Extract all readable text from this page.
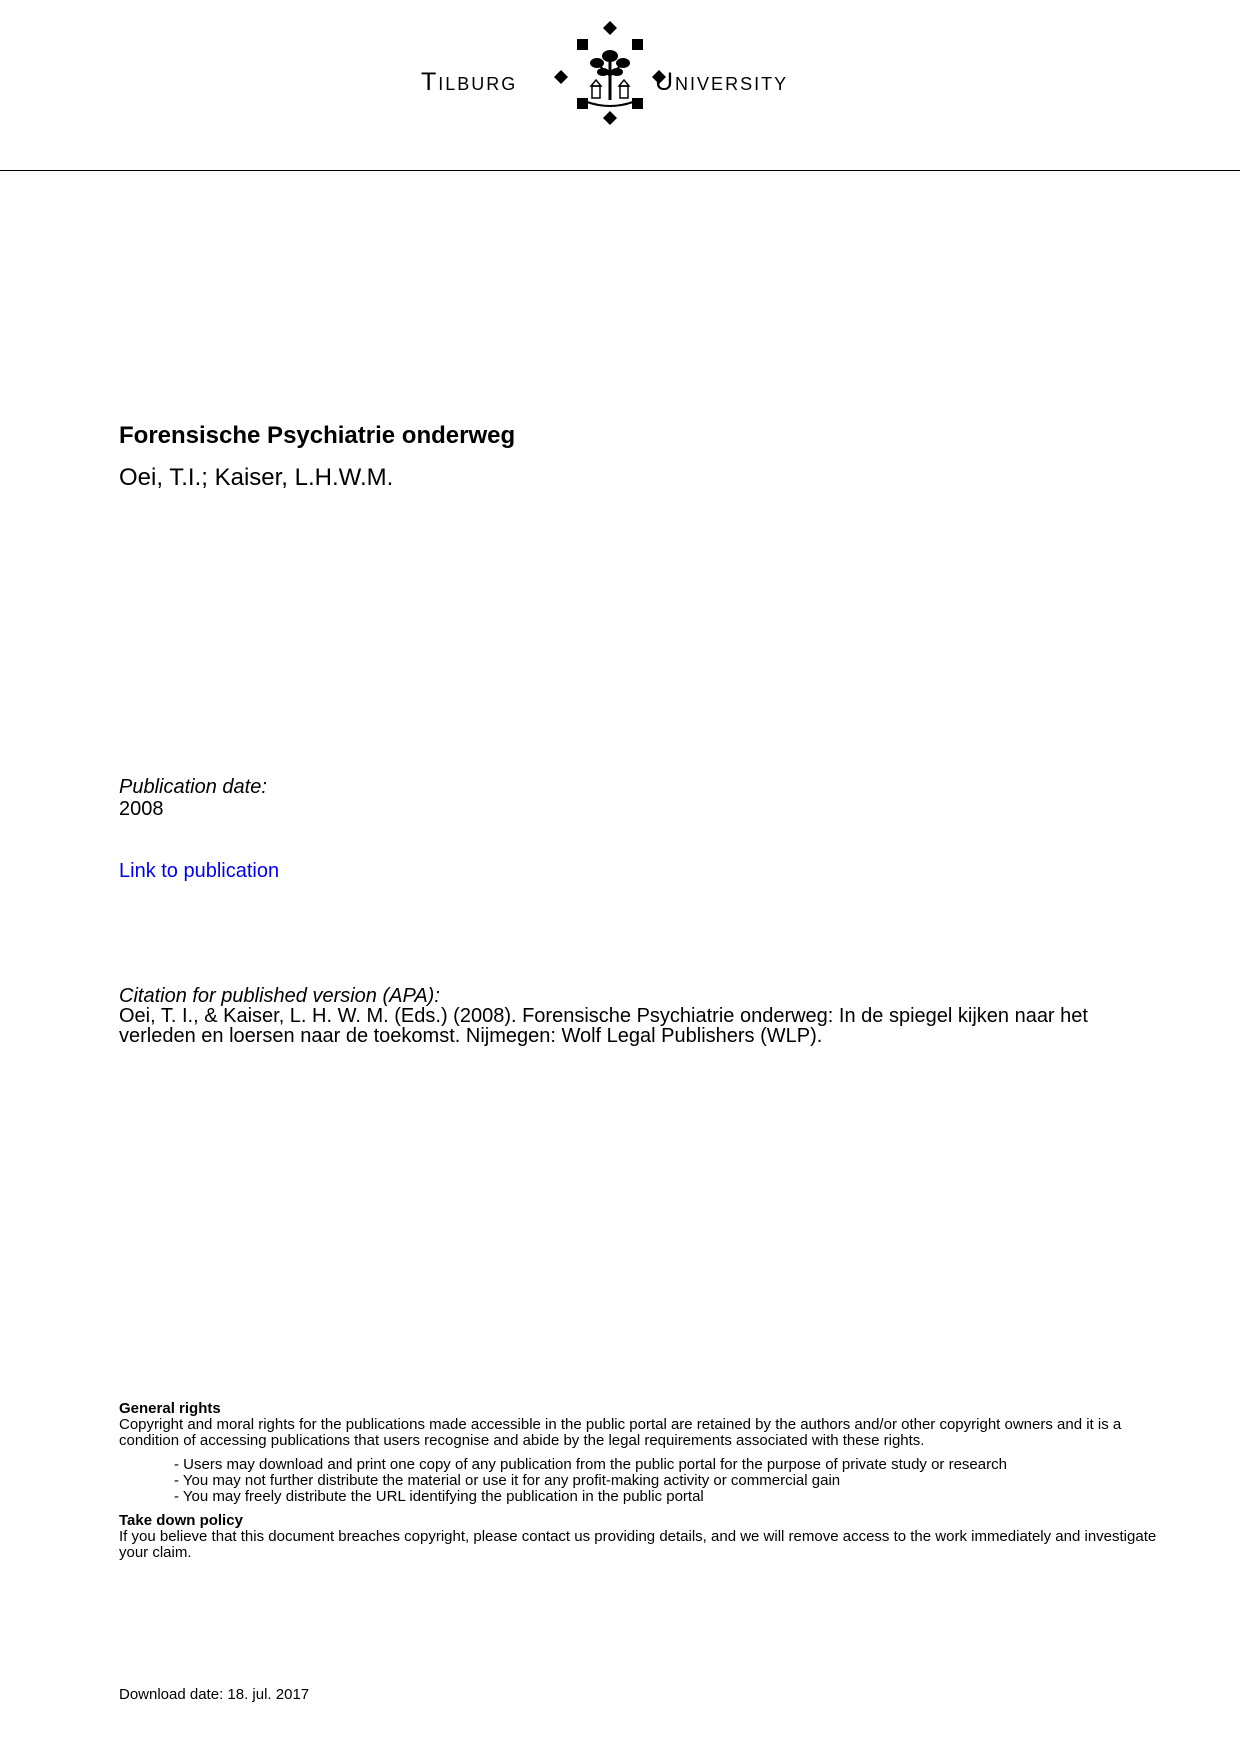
Tilburg	University
Forensische Psychiatrie onderweg
Oei, T.I.; Kaiser, L.H.W.M.
Publication date:
2008
Link to publication
Citation for published version (APA):
Oei, T. I., & Kaiser, L. H. W. M. (Eds.) (2008). Forensische Psychiatrie onderweg: In de spiegel kijken naar het verleden en loersen naar de toekomst. Nijmegen: Wolf Legal Publishers (WLP).
General rights

Copyright and moral rights for the publications made accessible in the public portal are retained by the authors and/or other copyright owners and it is a condition of accessing publications that users recognise and abide by the legal requirements associated with these rights.

- Users may download and print one copy of any publication from the public portal for the purpose of private study or research
- You may not further distribute the material or use it for any profit-making activity or commercial gain
- You may freely distribute the URL identifying the publication in the public portal
Take down policy

If you believe that this document breaches copyright, please contact us providing details, and we will remove access to the work immediately and investigate your claim.

Download date: 18. jul. 2017
